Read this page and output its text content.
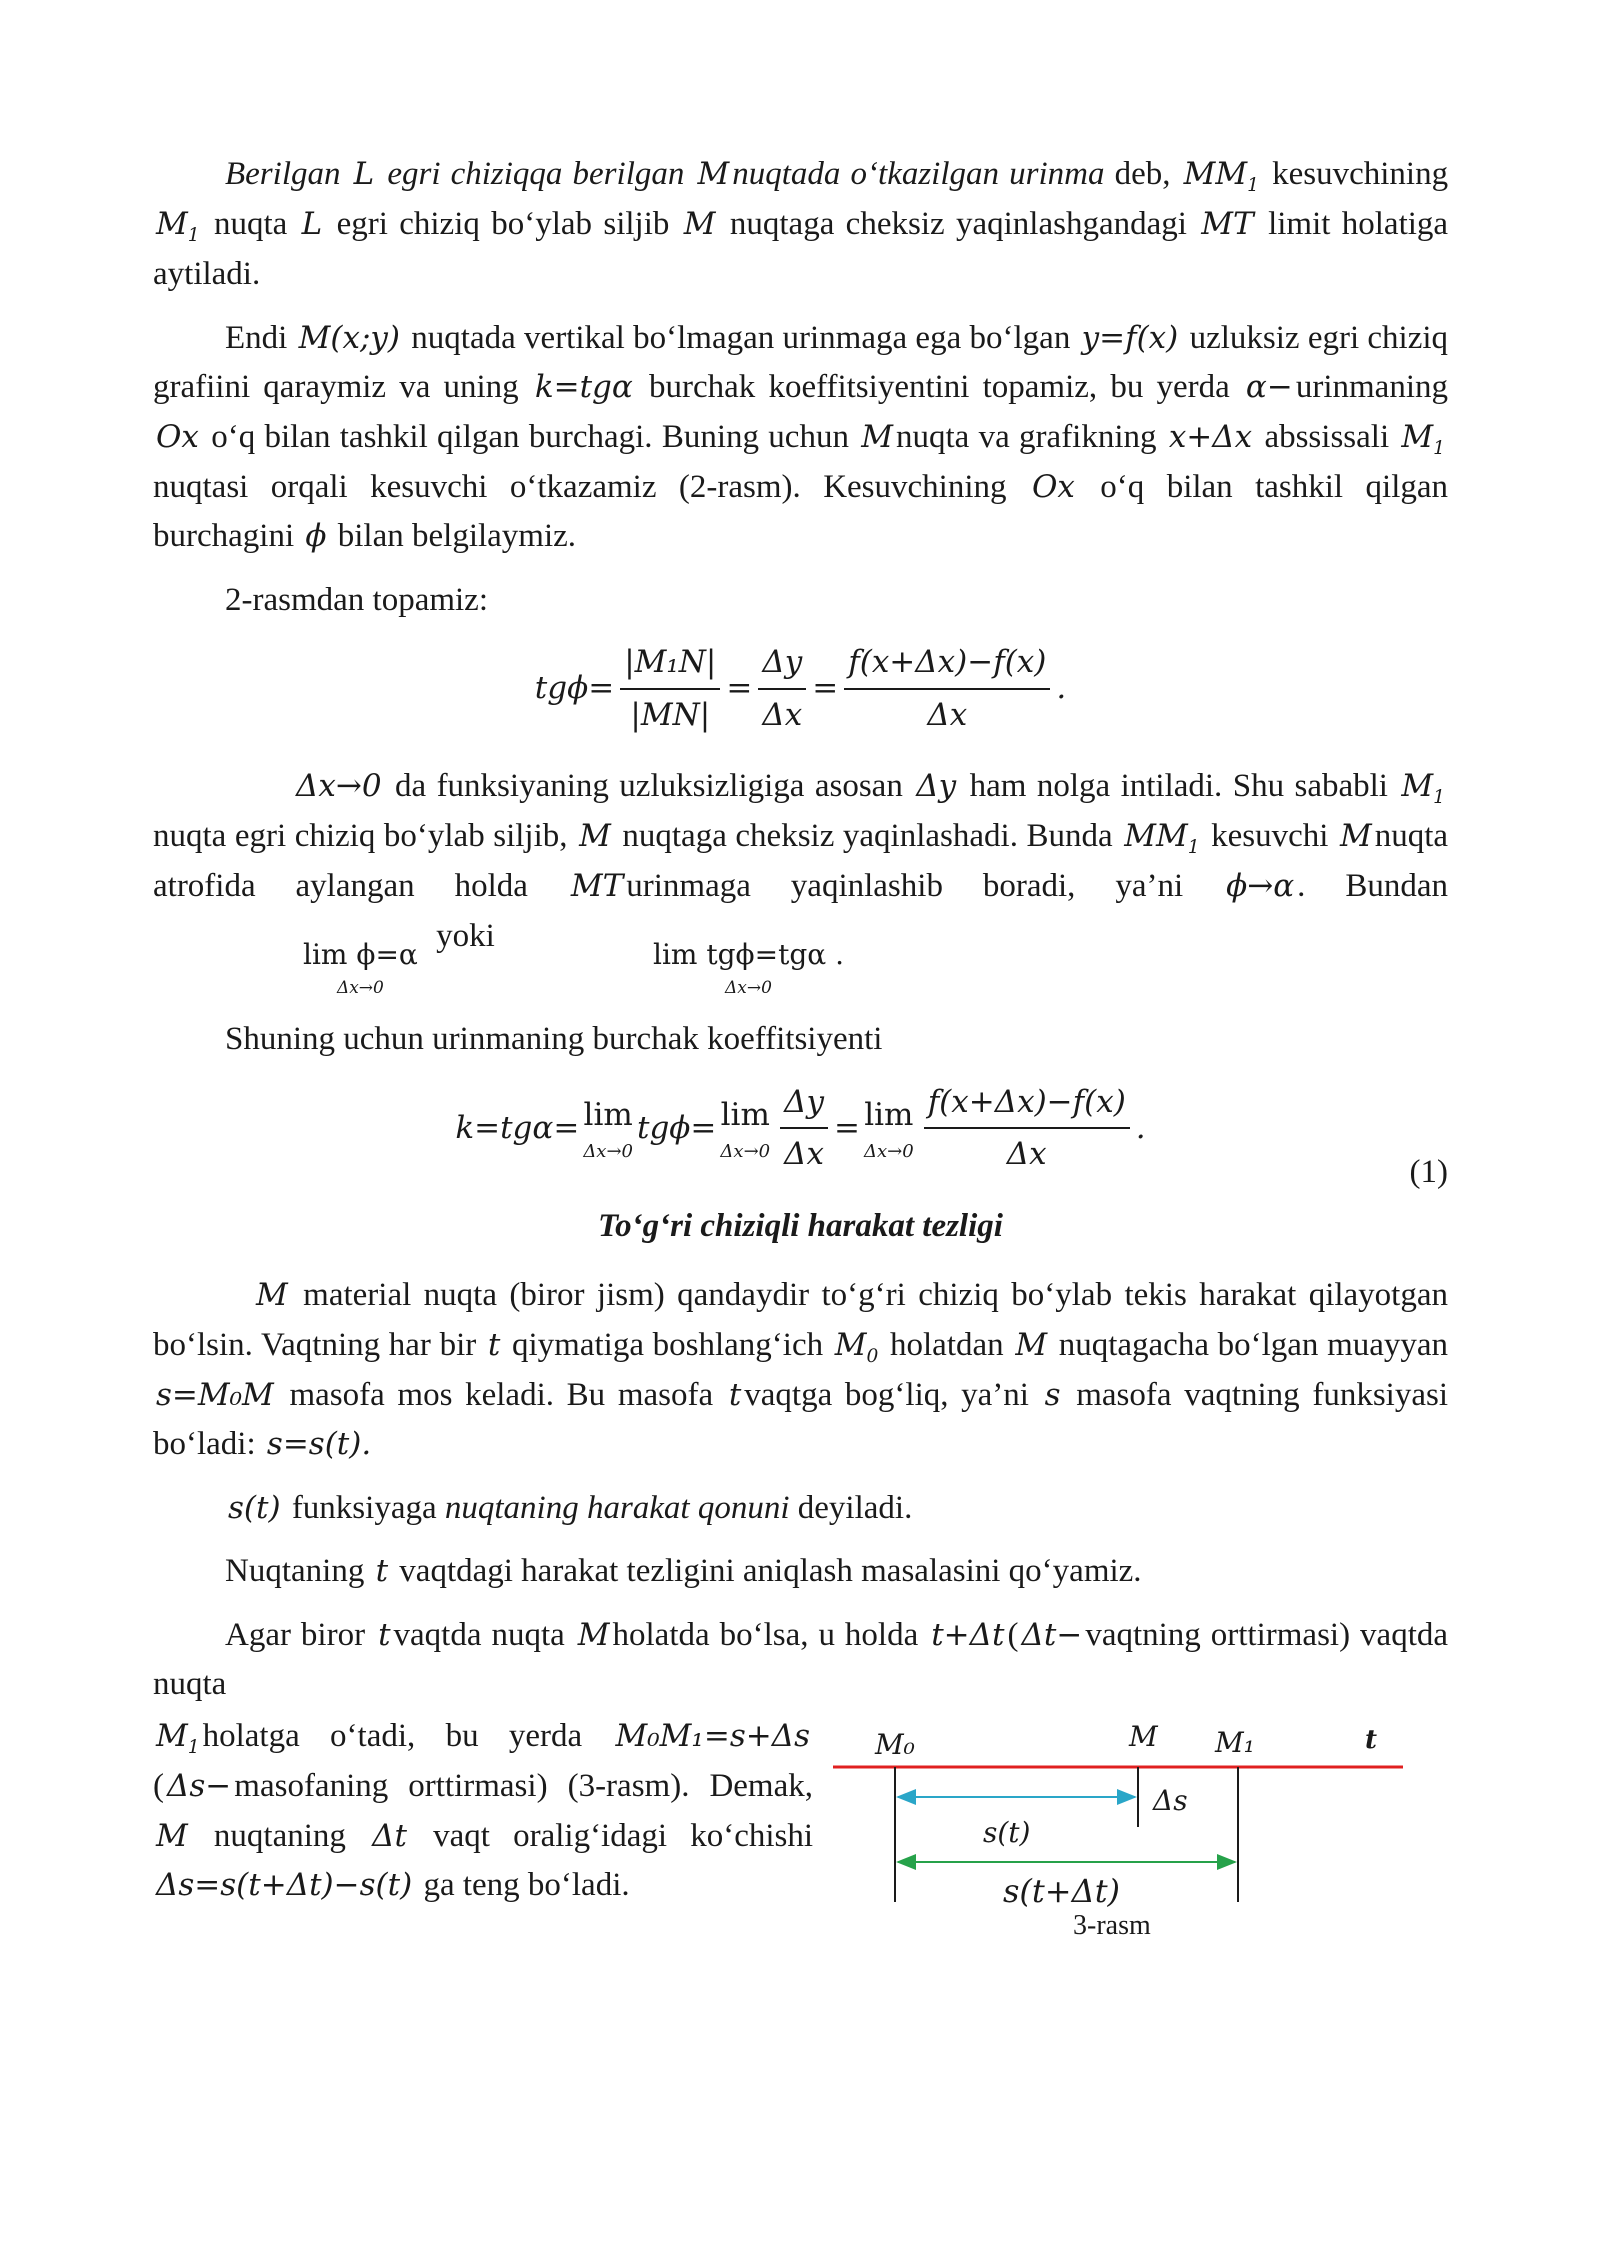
Berilgan L egri chiziqqa berilgan Mnuqtada o‘tkazilgan urinma deb, $MM_1$ kesuvchining $M_1$ nuqta L egri chiziq bo‘ylab siljib M nuqtaga cheksiz yaqinlashgandagi MT limit holatiga aytiladi.

Endi M(x;y) nuqtada vertikal bo‘lmagan urinmaga ega bo‘lgan y=f(x) uzluksiz egri chiziq grafiini qaraymiz va uning k=tgα burchak koeffitsiyentini topamiz, bu yerda α−urinmaning Ox o‘q bilan tashkil qilgan burchagi. Buning uchun Mnuqta va grafikning x+Δx abssissali $M_1$ nuqtasi orqali kesuvchi o‘tkazamiz (2-rasm). Kesuvchining Ox o‘q bilan tashkil qilgan burchagini ϕ bilan belgilaymiz.

2-rasmdan topamiz:

$tg\phi= \frac{\text{|M₁N|}}{|MN|} = \frac{\Delta y}{\Delta x} = \frac{f(x+\Delta x)-f(x)}{\Delta x}$ .

Δx→0 da funksiyaning uzluksizligiga asosan Δy ham nolga intiladi. Shu sababli $M_1$ nuqta egri chiziq bo‘ylab siljib, M nuqtaga cheksiz yaqinlashadi. Bunda $MM_1$ kesuvchi Mnuqta atrofida aylangan holda MTurinmaga yaqinlashib boradi, ya’ni ϕ→α. Bundan
lim ϕ=α
Δx→0
yoki
lim tgϕ=tgα .
Δx→0

Shuning uchun urinmaning burchak koeffitsiyenti

k=tgα= lim
Δx→0
tgϕ= lim
$\Delta x\to 0 \frac{\Delta y}{\Delta x} = \lim$
$\Delta x\to 0 \frac{f(x+\Delta x)-f(x)}{\Delta x}$ .
(1)
To‘g‘ri chiziqli harakat tezligi

M material nuqta (biror jism) qandaydir to‘g‘ri chiziq bo‘ylab tekis harakat qilayotgan bo‘lsin. Vaqtning har bir t qiymatiga boshlang‘ich $M_0$ holatdan M nuqtagacha bo‘lgan muayyan s=M₀M masofa mos keladi. Bu masofa tvaqtga bog‘liq, ya’ni s masofa vaqtning funksiyasi bo‘ladi: s=s(t).

s(t) funksiyaga nuqtaning harakat qonuni deyiladi.

Nuqtaning t vaqtdagi harakat tezligini aniqlash masalasini qo‘yamiz.

Agar biror tvaqtda nuqta Mholatda bo‘lsa, u holda t+Δt(Δt−vaqtning orttirmasi) vaqtda nuqta

$M_1holatga$ o‘tadi, bu yerda M₀M₁=s+Δs (Δs−masofaning orttirmasi) (3-rasm). Demak, M nuqtaning Δt vaqt oralig‘idagi ko‘chishi Δs=s(t+Δt)−s(t) ga teng bo‘ladi.

M₀	M M₁	t
Δs
s(t)
s(t+Δt)
3-rasm
